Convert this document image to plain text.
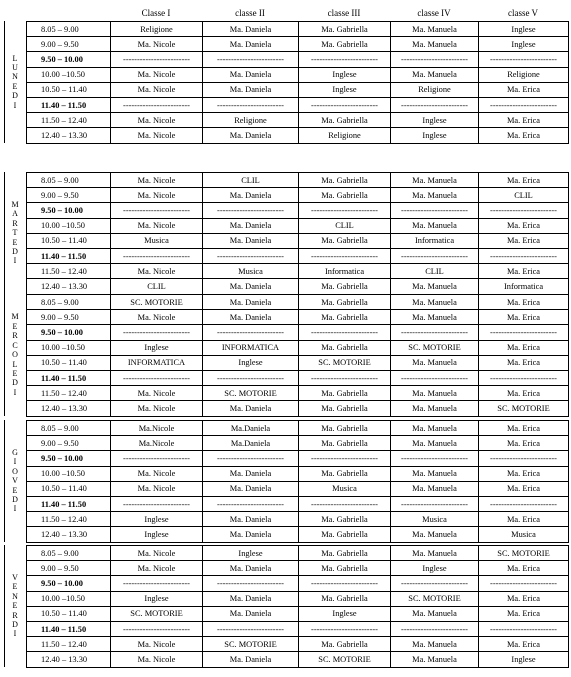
Classe I	classe II	classe III	classe IV	classe V
LUNEDI
8.05 – 9.00	Religione	Ma. Daniela	Ma. Gabriella	Ma. Manuela	Inglese
9.00 – 9.50	Ma. Nicole	Ma. Daniela	Ma. Gabriella	Ma. Manuela	Inglese
9.50 – 10.00	------------------------	------------------------	------------------------	------------------------	------------------------
10.00 –10.50	Ma. Nicole	Ma. Daniela	Inglese	Ma. Manuela	Religione
10.50 – 11.40	Ma. Nicole	Ma. Daniela	Inglese	Religione	Ma. Erica
11.40 – 11.50	------------------------	------------------------	------------------------	------------------------	------------------------
11.50 – 12.40	Ma. Nicole	Religione	Ma. Gabriella	Inglese	Ma. Erica
12.40 – 13.30	Ma. Nicole	Ma. Daniela	Religione	Inglese	Ma. Erica
MARTEDI
8.05 – 9.00	Ma. Nicole	CLIL	Ma. Gabriella	Ma. Manuela	Ma. Erica
9.00 – 9.50	Ma. Nicole	Ma. Daniela	Ma. Gabriella	Ma. Manuela	CLIL
9.50 – 10.00	------------------------	------------------------	------------------------	------------------------	------------------------
10.00 –10.50	Ma. Nicole	Ma. Daniela	CLIL	Ma. Manuela	Ma. Erica
10.50 – 11.40	Musica	Ma. Daniela	Ma. Gabriella	Informatica	Ma. Erica
11.40 – 11.50	------------------------	------------------------	------------------------	------------------------	------------------------
11.50 – 12.40	Ma. Nicole	Musica	Informatica	CLIL	Ma. Erica
12.40 – 13.30	CLIL	Ma. Daniela	Ma. Gabriella	Ma. Manuela	Informatica
MERCOLEDI
8.05 – 9.00	SC. MOTORIE	Ma. Daniela	Ma. Gabriella	Ma. Manuela	Ma. Erica
9.00 – 9.50	Ma. Nicole	Ma. Daniela	Ma. Gabriella	Ma. Manuela	Ma. Erica
9.50 – 10.00	------------------------	------------------------	------------------------	------------------------	------------------------
10.00 –10.50	Inglese	INFORMATICA	Ma. Gabriella	SC. MOTORIE	Ma. Erica
10.50 – 11.40	INFORMATICA	Inglese	SC. MOTORIE	Ma. Manuela	Ma. Erica
11.40 – 11.50	------------------------	------------------------	------------------------	------------------------	------------------------
11.50 – 12.40	Ma. Nicole	SC. MOTORIE	Ma. Gabriella	Ma. Manuela	Ma. Erica
12.40 – 13.30	Ma. Nicole	Ma. Daniela	Ma. Gabriella	Ma. Manuela	SC. MOTORIE
GIOVEDI
8.05 – 9.00	Ma.Nicole	Ma.Daniela	Ma. Gabriella	Ma. Manuela	Ma. Erica
9.00 – 9.50	Ma.Nicole	Ma.Daniela	Ma. Gabriella	Ma. Manuela	Ma. Erica
9.50 – 10.00	------------------------	------------------------	------------------------	------------------------	------------------------
10.00 –10.50	Ma. Nicole	Ma. Daniela	Ma. Gabriella	Ma. Manuela	Ma. Erica
10.50 – 11.40	Ma. Nicole	Ma. Daniela	Musica	Ma. Manuela	Ma. Erica
11.40 – 11.50	------------------------	------------------------	------------------------	------------------------	------------------------
11.50 – 12.40	Inglese	Ma. Daniela	Ma. Gabriella	Musica	Ma. Erica
12.40 – 13.30	Inglese	Ma. Daniela	Ma. Gabriella	Ma. Manuela	Musica
VENERDI
8.05 – 9.00	Ma. Nicole	Inglese	Ma. Gabriella	Ma. Manuela	SC. MOTORIE
9.00 – 9.50	Ma. Nicole	Ma. Daniela	Ma. Gabriella	Inglese	Ma. Erica
9.50 – 10.00	------------------------	------------------------	------------------------	------------------------	------------------------
10.00 –10.50	Inglese	Ma. Daniela	Ma. Gabriella	SC. MOTORIE	Ma. Erica
10.50 – 11.40	SC. MOTORIE	Ma. Daniela	Inglese	Ma. Manuela	Ma. Erica
11.40 – 11.50	------------------------	------------------------	------------------------	------------------------	------------------------
11.50 – 12.40	Ma. Nicole	SC. MOTORIE	Ma. Gabriella	Ma. Manuela	Ma. Erica
12.40 – 13.30	Ma. Nicole	Ma. Daniela	SC. MOTORIE	Ma. Manuela	Inglese
